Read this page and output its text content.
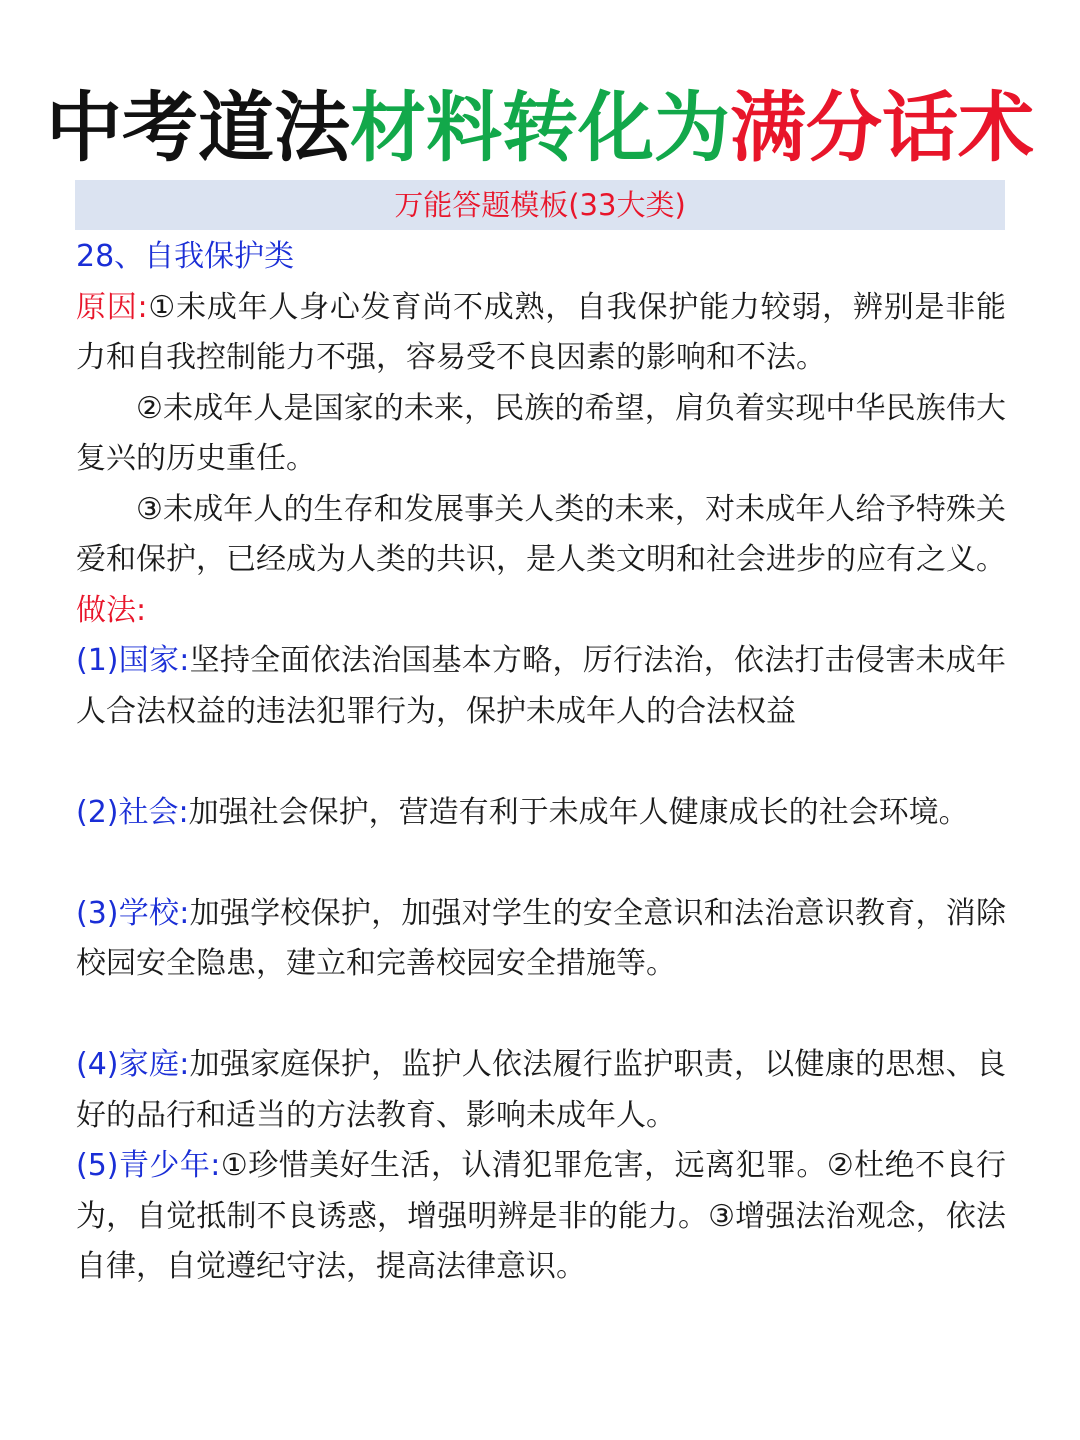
中考道法材料转化为满分话术
万能答题模板(33大类)

28、自我保护类

原因:①未成年人身心发育尚不成熟，自我保护能力较弱，辨别是非能力和自我控制能力不强，容易受不良因素的影响和不法。

②未成年人是国家的未来，民族的希望，肩负着实现中华民族伟大复兴的历史重任。

③未成年人的生存和发展事关人类的未来，对未成年人给予特殊关爱和保护，已经成为人类的共识，是人类文明和社会进步的应有之义。

做法:

(1)国家:坚持全面依法治国基本方略，厉行法治，依法打击侵害未成年人合法权益的违法犯罪行为，保护未成年人的合法权益

(2)社会:加强社会保护，营造有利于未成年人健康成长的社会环境。

(3)学校:加强学校保护，加强对学生的安全意识和法治意识教育，消除校园安全隐患，建立和完善校园安全措施等。

(4)家庭:加强家庭保护，监护人依法履行监护职责，以健康的思想、良好的品行和适当的方法教育、影响未成年人。

(5)青少年:①珍惜美好生活，认清犯罪危害，远离犯罪。②杜绝不良行为，自觉抵制不良诱惑，增强明辨是非的能力。③增强法治观念，依法自律，自觉遵纪守法，提高法律意识。
